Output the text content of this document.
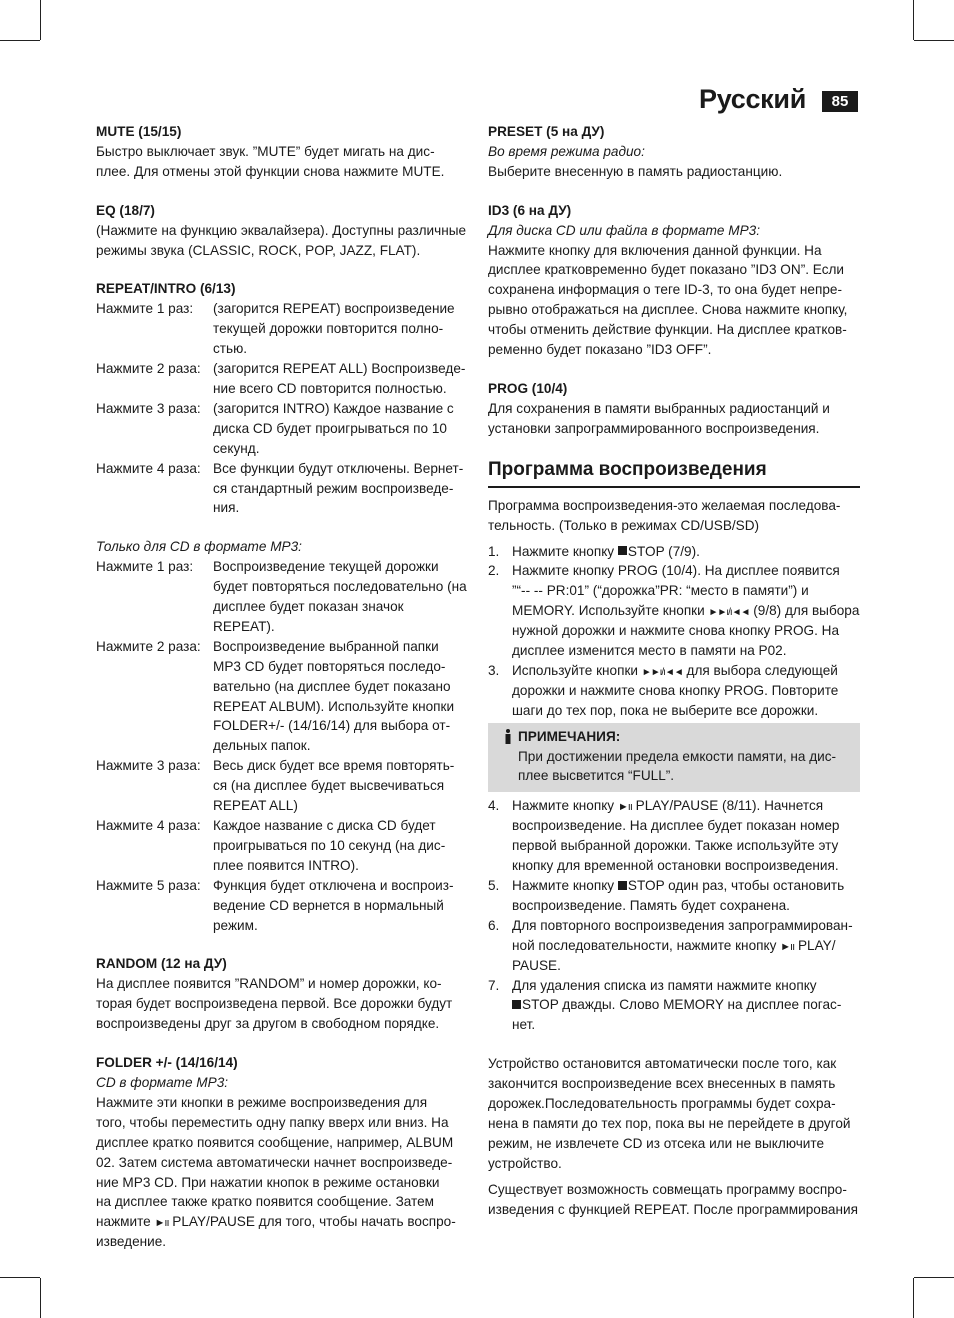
Русский	85

MUTE (15/15)

Быстро выключает звук. ”MUTE” будет мигать на дис-

плее. Для отмены этой функции снова нажмите MUTE.

EQ (18/7)

(Нажмите на функцию эквалайзера). Доступны различные

режимы звука (CLASSIC, ROCK, POP, JAZZ, FLAT).

REPEAT/INTRO (6/13)

Нажмите 1 раз:	(загорится REPEAT) воспроизведение
текущей дорожки повторится полно-
стью.
Нажмите 2 раза: (загорится REPEAT ALL) Воспроизведе-
ние всего CD повторится полностью.
Нажмите 3 раза: (загорится INTRO) Каждое название с
диска CD будет проигрываться по 10
секунд.
Нажмите 4 раза: Все функции будут отключены. Вернет-
ся стандартный режим воспроизведе-
ния.

Только для CD в формате MP3:

Нажмите 1 раз:	Воспроизведение текущей дорожки
будет повторяться последовательно (на
дисплее будет показан значок REPEAT).
Нажмите 2 раза: Воспроизведение выбранной папки
MP3 CD будет повторяться последо-
вательно (на дисплее будет показано
REPEAT ALBUM). Используйте кнопки
FOLDER+/- (14/16/14) для выбора от-
дельных папок.
Нажмите 3 раза: Весь диск будет все время повторять-
ся (на дисплее будет высвечиваться
REPEAT ALL)
Нажмите 4 раза: Каждое название с диска CD будет
проигрываться по 10 секунд (на дис-
плее появится INTRO).
Нажмите 5 раза: Функция будет отключена и воспроиз-
ведение CD вернется в нормальный
режим.

RANDOM (12 на ДУ)

На дисплее появится ”RANDOM” и номер дорожки, ко-

торая будет воспроизведена первой. Все дорожки будут

воспроизведены друг за другом в свободном порядке.

FOLDER +/- (14/16/14)

CD в формате MP3:

Нажмите эти кнопки в режиме воспроизведения для

того, чтобы переместить одну папку вверх или вниз. На

дисплее кратко появится сообщение, например, ALBUM

02. Затем система автоматически начнет воспроизведе-

ние MP3 CD. При нажатии кнопок в режиме остановки

на дисплее также кратко появится сообщение. Затем

нажмите ►ıı PLAY/PAUSE для того, чтобы начать воспро-

изведение.

PRESET (5 на ДУ)

Во время режима радио:

Выберите внесенную в память радиостанцию.

ID3 (6 на ДУ)

Для диска CD или файла в формате MP3:

Нажмите кнопку для включения данной функции. На

дисплее кратковременно будет показано ”ID3 ON”. Если

сохранена информация о теге ID-3, то она будет непре-

рывно отображаться на дисплее. Снова нажмите кнопку,

чтобы отменить действие функции. На дисплее кратков-

ременно будет показано ”ID3 OFF”.

PROG (10/4)

Для сохранения в памяти выбранных радиостанций и

установки запрограммированного воспроизведения.

Программа воспроизведения

Программа воспроизведения-это желаемая последова-

тельность. (Только в режимах CD/USB/SD)

1. Нажмите кнопку STOP (7/9).
2. Нажмите кнопку PROG (10/4). На дисплее появится
”“-- -- PR:01” (“дорожка”PR: “место в памяти”) и
MEMORY. Используйте кнопки ►►ı/ı◄◄ (9/8) для выбора
нужной дорожки и нажмите снова кнопку PROG. На
дисплее изменится место в памяти на P02.
3. Используйте кнопки ►►ı/ı◄◄ для выбора следующей
дорожки и нажмите снова кнопку PROG. Повторите
шаги до тех пор, пока не выберите все дорожки.
ПРИМЕЧАНИЯ:
При достижении предела емкости памяти, на дис-
плее высветится “FULL”.
4. Нажмите кнопку ►ıı PLAY/PAUSE (8/11). Начнется
воспроизведение. На дисплее будет показан номер
первой выбранной дорожки. Также используйте эту
кнопку для временной остановки воспроизведения.
5. Нажмите кнопку STOP один раз, чтобы остановить
воспроизведение. Память будет сохранена.
6. Для повторного воспроизведения запрограммирован-
ной последовательности, нажмите кнопку ►ıı PLAY/
PAUSE.
7. Для удаления списка из памяти нажмите кнопку
STOP дважды. Слово MEMORY на дисплее погас-
нет.

Устройство остановится автоматически после того, как

закончится воспроизведение всех внесенных в память

дорожек.Последовательность программы будет сохра-

нена в памяти до тех пор, пока вы не перейдете в другой

режим, не извлечете CD из отсека или не выключите

устройство.

Существует возможность совмещать программу воспро-

изведения с функцией REPEAT. После программирования
